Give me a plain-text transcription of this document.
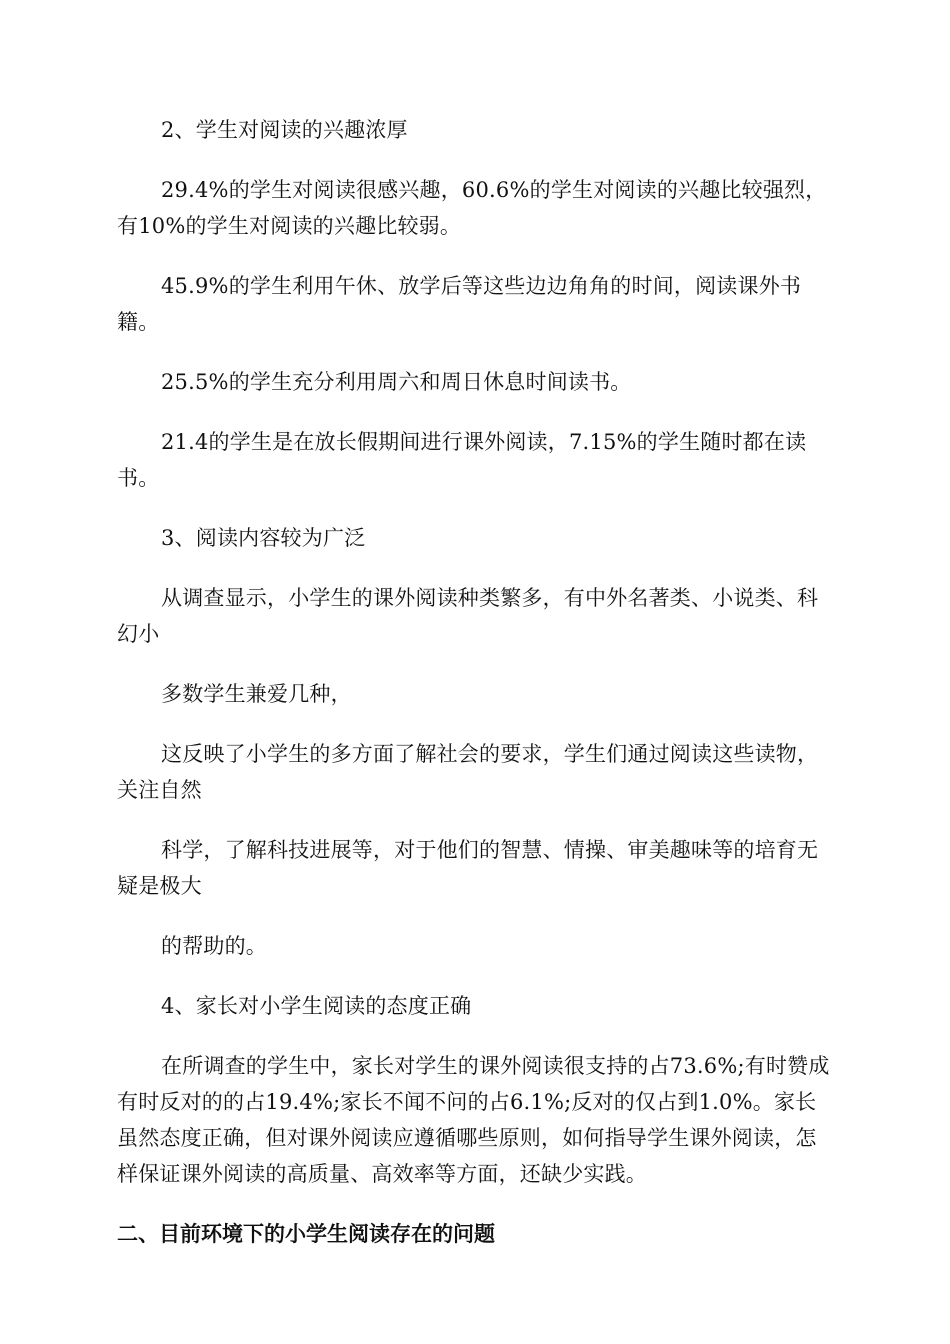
2、学生对阅读的兴趣浓厚

29.4%的学生对阅读很感兴趣，60.6%的学生对阅读的兴趣比较强烈，有10%的学生对阅读的兴趣比较弱。

45.9%的学生利用午休、放学后等这些边边角角的时间，阅读课外书籍。

25.5%的学生充分利用周六和周日休息时间读书。

21.4的学生是在放长假期间进行课外阅读，7.15%的学生随时都在读书。

3、阅读内容较为广泛

从调查显示，小学生的课外阅读种类繁多，有中外名著类、小说类、科幻小

多数学生兼爱几种，

这反映了小学生的多方面了解社会的要求，学生们通过阅读这些读物，关注自然

科学，了解科技进展等，对于他们的智慧、情操、审美趣味等的培育无疑是极大

的帮助的。

4、家长对小学生阅读的态度正确

在所调查的学生中，家长对学生的课外阅读很支持的占73.6%;有时赞成有时反对的的占19.4%;家长不闻不问的占6.1%;反对的仅占到1.0%。家长虽然态度正确，但对课外阅读应遵循哪些原则，如何指导学生课外阅读，怎样保证课外阅读的高质量、高效率等方面，还缺少实践。

二、目前环境下的小学生阅读存在的问题
